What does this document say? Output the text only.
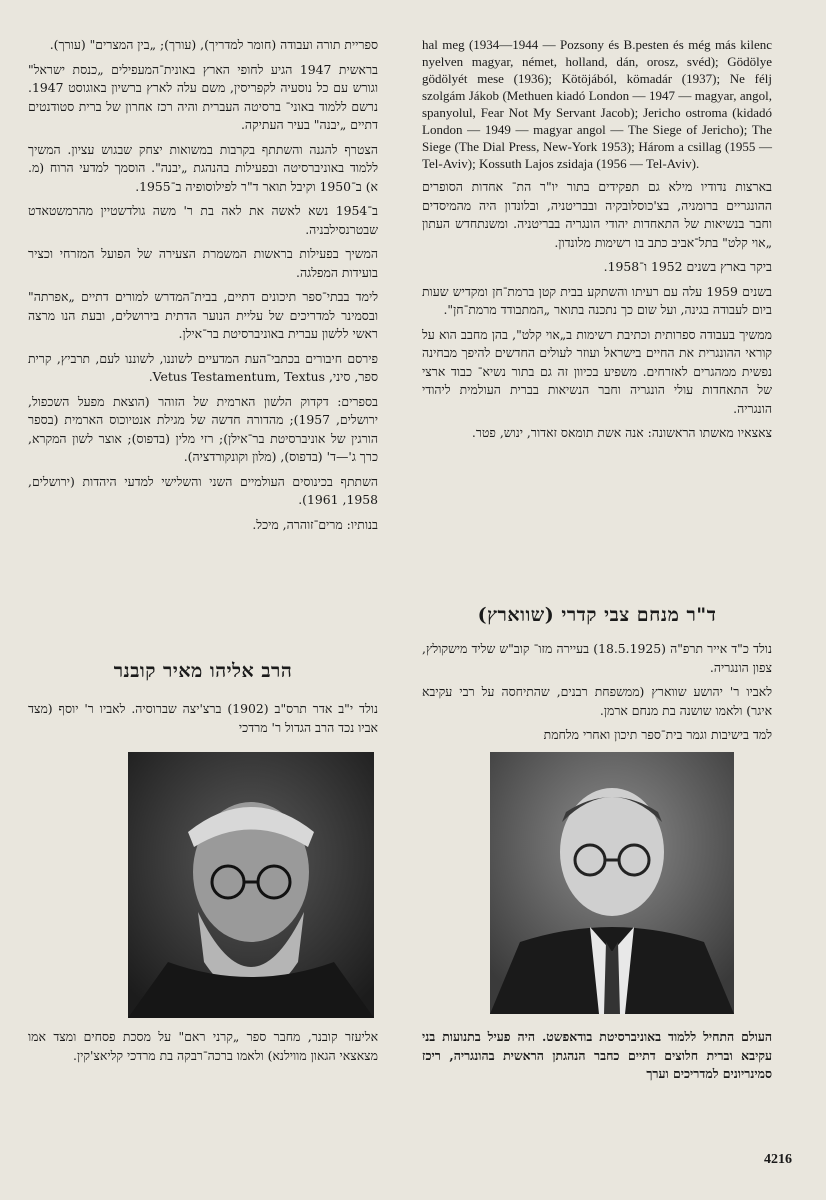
ספריית תורה ועבודה (חומר למדריך), (עורך); „בין המצרים" (עורך).

בראשית 1947 הגיע לחופי הארץ באונית־המעפילים „כנסת ישראל" וגורש עם כל נוסעיה לקפריסין, משם עלה לארץ ברשיון באוגוסט 1947. נרשם ללמוד באוני־ ברסיטה העברית והיה רכז אחרון של ברית סטודנטים דתיים „יבנה" בעיר העתיקה.

הצטרף להגנה והשתתף בקרבות במשואות יצחק שבגוש עציון. המשיך ללמוד באוניברסיטה ובפעילות בהנהגת „יבנה". הוסמך למדעי הרוח (מ. א) ב־1950 וקיבל תואר ד"ר לפילוסופיה ב־1955.

ב־1954 נשא לאשה את לאה בת ר' משה גולדשטיין מהרמשטאדט שבטרנסילבניה.

המשיך בפעילות בראשות המשמרת הצעירה של הפועל המזרחי וכציר בועידות המפלגה.

לימד בבתי־ספר תיכונים דתיים, בבית־המדרש למורים דתיים „אפרתה" ובסמינר למדריכים של עליית הנוער הדתית בירושלים, ובעת הנו מרצה ראשי ללשון עברית באוניברסיטת בר־אילן.

פירסם חיבורים בכתבי־העת המדעיים לשוננו, לשוננו לעם, תרביץ, קרית ספר, סיני, Vetus Testamentum, Textus.

בספרים: דקדוק הלשון הארמית של הזוהר (הוצאת מפעל השכפול, ירושלים, 1957); מהדורה חדשה של מגילת אנטיוכוס הארמית (בספר הורגין של אוניברסיטת בר־אילן); רזי מלין (בדפוס); אוצר לשון המקרא, כרך ג'—ד' (בדפוס), (מלון וקונקורדציה).

השתתף בכינוסים העולמיים השני והשלישי למדעי היהדות (ירושלים, 1958, 1961).

בנותיו: מרים־זוהרה, מיכל.

הרב אליהו מאיר קובנר
נולד י"ב אדר תרס"ב (1902) ברצ'יצה שברוסיה. לאביו ר' יוסף (מצד אביו נכד הרב הגדול ר' מרדכי

hal meg (1934—1944 — Pozsony és B.pesten és még más kilenc nyelven magyar, német, holland, dán, orosz, svéd); Gödölye gödölyét mese (1936); Kötöjából, kömadár (1937); Ne félj szolgám Jákob (Methuen kiadó London — 1947 — magyar, angol, spanyolul, Fear Not My Servant Jacob); Jericho ostroma (kidadó London — 1949 — magyar angol — The Siege of Jericho); The Siege (The Dial Press, New-York 1953); Három a csillag (1955 — Tel-Aviv); Kossuth Lajos zsidaja (1956 — Tel-Aviv).

בארצות נדודיו מילא גם תפקידים בתור יו"ר הת־ אחדות הסופרים ההונגריים ברומניה, בצ'כוסלובקיה ובבריטניה, ובלונדון היה מהמיסדים וחבר בנשיאות של התאחדות יהודי הונגריה בבריטניה. ומשנתחדש העתון „אוי קלט" בתל־אביב כתב בו רשימות מלונדון.

ביקר בארץ בשנים 1952 ו־1958.

בשנים 1959 עלה עם רעיתו והשתקע בבית קטן ברמת־חן ומקדיש שעות ביום לעבודה בגינה, ועל שום כך נתכנה בתואר „המתבודד מרמת־חן".

ממשיך בעבודה ספרותית וכתיבת רשימות ב„אוי קלט", בהן מחבב הוא על קוראי ההונגרית את החיים בישראל ועוזר לעולים החדשים להיפך מבחינה נפשית ממהגרים לאזרחים. משפיע בכיוון זה גם בתור נשיא־ כבוד ארצי של התאחדות עולי הונגריה וחבר הנשיאות בברית העולמית ליהודי הונגריה.

צאצאיו מאשתו הראשונה: אנה אשת תומאס זאדור, ינוש, פטר.

ד"ר מנחם צבי קדרי (שווארץ)

נולד כ"ד אייר תרפ"ה (18.5.1925) בעיירה מזו־ קוב"ש שליד מישקולץ, צפון הונגריה.

לאביו ר' יהושע שווארץ (ממשפחת רבנים, שהתיחסה על רבי עקיבא איגר) ולאמו שושנה בת מנחם ארמן.

למד בישיבות וגמר בית־ספר תיכון ואחרי מלחמת

אליעזר קובנר, מחבר ספר „קרני ראם" על מסכת פסחים ומצד אמו מצאצאי הגאון מווילנא) ולאמו ברכה־רבקה בת מרדכי קליאצ'קין.
העולם התחיל ללמוד באוניברסיטת בודאפשט. היה פעיל בתנועות בני עקיבא וברית חלוצים דתיים כחבר הנהגתן הראשית בהונגריה, ריכז סמינריונים למדריכים וערך
4216
